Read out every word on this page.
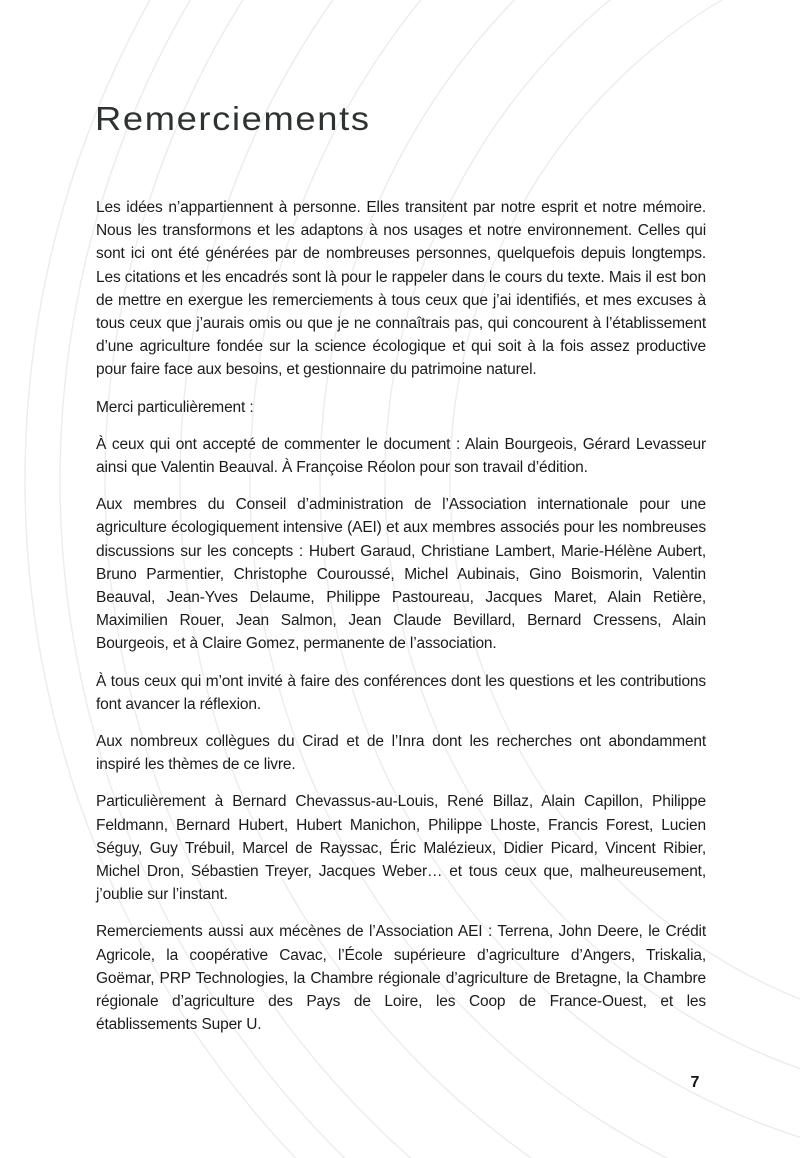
Remerciements

Les idées n’appartiennent à personne. Elles transitent par notre esprit et notre mémoire. Nous les transformons et les adaptons à nos usages et notre environnement. Celles qui sont ici ont été générées par de nombreuses personnes, quelquefois depuis longtemps. Les citations et les encadrés sont là pour le rappeler dans le cours du texte. Mais il est bon de mettre en exergue les remerciements à tous ceux que j’ai identifiés, et mes excuses à tous ceux que j’aurais omis ou que je ne connaîtrais pas, qui concourent à l’établissement d’une agriculture fondée sur la science écologique et qui soit à la fois assez productive pour faire face aux besoins, et gestionnaire du patrimoine naturel.

Merci particulièrement :

À ceux qui ont accepté de commenter le document : Alain Bourgeois, Gérard Levasseur ainsi que Valentin Beauval. À Françoise Réolon pour son travail d’édition.

Aux membres du Conseil d’administration de l’Association internationale pour une agriculture écologiquement intensive (AEI) et aux membres associés pour les nombreuses discussions sur les concepts : Hubert Garaud, Christiane Lambert, Marie-Hélène Aubert, Bruno Parmentier, Christophe Couroussé, Michel Aubinais, Gino Boismorin, Valentin Beauval, Jean-Yves Delaume, Philippe Pastoureau, Jacques Maret, Alain Retière, Maximilien Rouer, Jean Salmon, Jean Claude Bevillard, Bernard Cressens, Alain Bourgeois, et à Claire Gomez, permanente de l’association.

À tous ceux qui m’ont invité à faire des conférences dont les questions et les contributions font avancer la réflexion.

Aux nombreux collègues du Cirad et de l’Inra dont les recherches ont abondamment inspiré les thèmes de ce livre.

Particulièrement à Bernard Chevassus-au-Louis, René Billaz, Alain Capillon, Philippe Feldmann, Bernard Hubert, Hubert Manichon, Philippe Lhoste, Francis Forest, Lucien Séguy, Guy Trébuil, Marcel de Rayssac, Éric Malézieux, Didier Picard, Vincent Ribier, Michel Dron, Sébastien Treyer, Jacques Weber… et tous ceux que, malheureusement, j’oublie sur l’instant.

Remerciements aussi aux mécènes de l’Association AEI : Terrena, John Deere, le Crédit Agricole, la coopérative Cavac, l’École supérieure d’agriculture d’Angers, Triskalia, Goëmar, PRP Technologies, la Chambre régionale d’agriculture de Bretagne, la Chambre régionale d’agriculture des Pays de Loire, les Coop de France-Ouest, et les établissements Super U.

7
